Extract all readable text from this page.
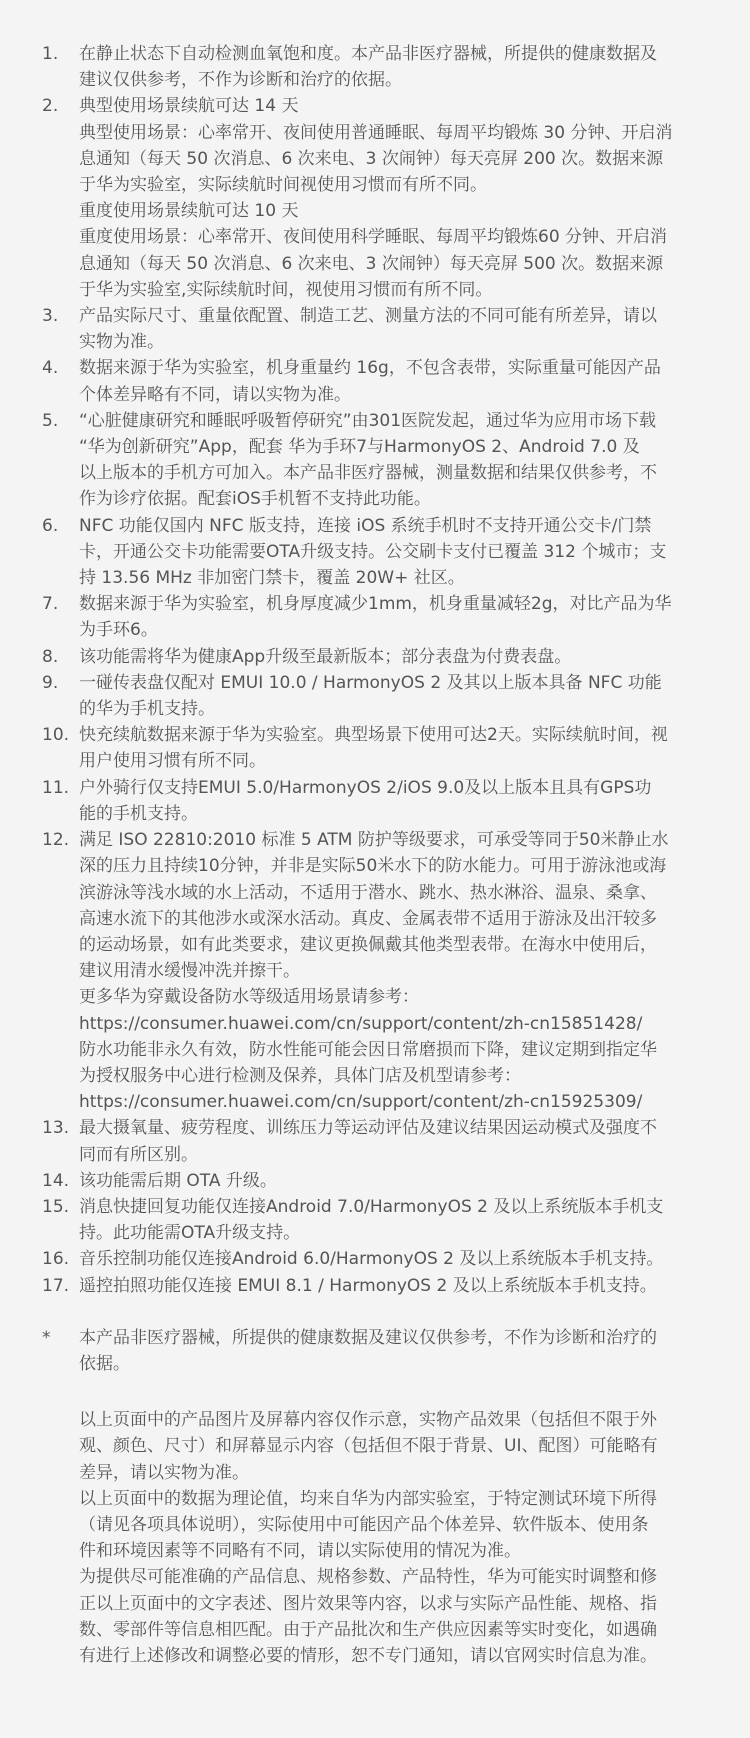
1.	在静止状态下自动检测血氧饱和度。本产品非医疗器械，所提供的健康数据及
建议仅供参考，不作为诊断和治疗的依据。
2.	典型使用场景续航可达 14 天
典型使用场景：心率常开、夜间使用普通睡眠、每周平均锻炼 30 分钟、开启消
息通知（每天 50 次消息、6 次来电、3 次闹钟）每天亮屏 200 次。数据来源
于华为实验室，实际续航时间视使用习惯而有所不同。
重度使用场景续航可达 10 天
重度使用场景：心率常开、夜间使用科学睡眠、每周平均锻炼60 分钟、开启消
息通知（每天 50 次消息、6 次来电、3 次闹钟）每天亮屏 500 次。数据来源
于华为实验室,实际续航时间，视使用习惯而有所不同。
3.	产品实际尺寸、重量依配置、制造工艺、测量方法的不同可能有所差异，请以
实物为准。
4.	数据来源于华为实验室，机身重量约 16g，不包含表带，实际重量可能因产品
个体差异略有不同，请以实物为准。
5.	“心脏健康研究和睡眠呼吸暂停研究”由301医院发起，通过华为应用市场下载
“华为创新研究”App，配套 华为手环7与HarmonyOS 2、Android 7.0 及
以上版本的手机方可加入。本产品非医疗器械，测量数据和结果仅供参考，不
作为诊疗依据。配套iOS手机暂不支持此功能。
6.	NFC 功能仅国内 NFC 版支持，连接 iOS 系统手机时不支持开通公交卡/门禁
卡，开通公交卡功能需要OTA升级支持。公交刷卡支付已覆盖 312 个城市；支
持 13.56 MHz 非加密门禁卡，覆盖 20W+ 社区。
7.	数据来源于华为实验室，机身厚度减少1mm，机身重量减轻2g，对比产品为华
为手环6。
8.	该功能需将华为健康App升级至最新版本；部分表盘为付费表盘。
9.	一碰传表盘仅配对 EMUI 10.0 / HarmonyOS 2 及其以上版本具备 NFC 功能
的华为手机支持。
10. 快充续航数据来源于华为实验室。典型场景下使用可达2天。实际续航时间，视
用户使用习惯有所不同。
11. 户外骑行仅支持EMUI 5.0/HarmonyOS 2/iOS 9.0及以上版本且具有GPS功
能的手机支持。
12. 满足 ISO 22810:2010 标准 5 ATM 防护等级要求，可承受等同于50米静止水
深的压力且持续10分钟，并非是实际50米水下的防水能力。可用于游泳池或海
滨游泳等浅水域的水上活动，不适用于潜水、跳水、热水淋浴、温泉、桑拿、
高速水流下的其他涉水或深水活动。真皮、金属表带不适用于游泳及出汗较多
的运动场景，如有此类要求，建议更换佩戴其他类型表带。在海水中使用后，
建议用清水缓慢冲洗并擦干。
更多华为穿戴设备防水等级适用场景请参考：
https://consumer.huawei.com/cn/support/content/zh-cn15851428/
防水功能非永久有效，防水性能可能会因日常磨损而下降，建议定期到指定华
为授权服务中心进行检测及保养，具体门店及机型请参考：
https://consumer.huawei.com/cn/support/content/zh-cn15925309/
13. 最大摄氧量、疲劳程度、训练压力等运动评估及建议结果因运动模式及强度不
同而有所区别。
14. 该功能需后期 OTA 升级。
15. 消息快捷回复功能仅连接Android 7.0/HarmonyOS 2 及以上系统版本手机支
持。此功能需OTA升级支持。
16. 音乐控制功能仅连接Android 6.0/HarmonyOS 2 及以上系统版本手机支持。
17. 遥控拍照功能仅连接 EMUI 8.1 / HarmonyOS 2 及以上系统版本手机支持。
*	本产品非医疗器械，所提供的健康数据及建议仅供参考，不作为诊断和治疗的
依据。
以上页面中的产品图片及屏幕内容仅作示意，实物产品效果（包括但不限于外
观、颜色、尺寸）和屏幕显示内容（包括但不限于背景、UI、配图）可能略有
差异，请以实物为准。
以上页面中的数据为理论值，均来自华为内部实验室，于特定测试环境下所得
（请见各项具体说明），实际使用中可能因产品个体差异、软件版本、使用条
件和环境因素等不同略有不同，请以实际使用的情况为准。
为提供尽可能准确的产品信息、规格参数、产品特性，华为可能实时调整和修
正以上页面中的文字表述、图片效果等内容，以求与实际产品性能、规格、指
数、零部件等信息相匹配。由于产品批次和生产供应因素等实时变化，如遇确
有进行上述修改和调整必要的情形，恕不专门通知，请以官网实时信息为准。
